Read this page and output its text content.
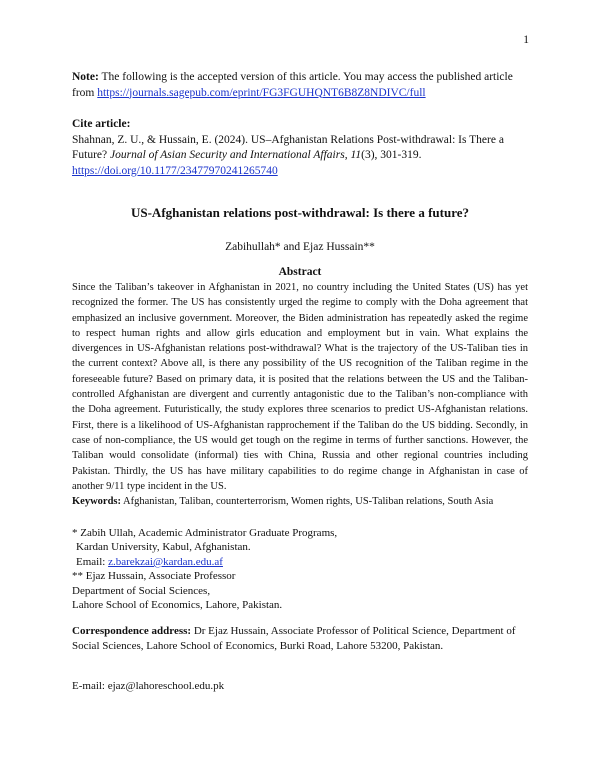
1

Note: The following is the accepted version of this article. You may access the published article from https://journals.sagepub.com/eprint/FG3FGUHQNT6B8Z8NDIVC/full

Cite article:

Shahnan, Z. U., & Hussain, E. (2024). US–Afghanistan Relations Post-withdrawal: Is There a Future? Journal of Asian Security and International Affairs, 11(3), 301-319.

https://doi.org/10.1177/23477970241265740

US-Afghanistan relations post-withdrawal: Is there a future?
Zabihullah* and Ejaz Hussain**
Abstract

Since the Taliban’s takeover in Afghanistan in 2021, no country including the United States (US) has yet recognized the former. The US has consistently urged the regime to comply with the Doha agreement that emphasized an inclusive government. Moreover, the Biden administration has repeatedly asked the regime to respect human rights and allow girls education and employment but in vain. What explains the divergences in US-Afghanistan relations post-withdrawal? What is the trajectory of the US-Taliban ties in the current context? Above all, is there any possibility of the US recognition of the Taliban regime in the foreseeable future? Based on primary data, it is posited that the relations between the US and the Taliban-controlled Afghanistan are divergent and currently antagonistic due to the Taliban’s non-compliance with the Doha agreement. Futuristically, the study explores three scenarios to predict US-Afghanistan relations. First, there is a likelihood of US-Afghanistan rapprochement if the Taliban do the US bidding. Secondly, in case of non-compliance, the US would get tough on the regime in terms of further sanctions. However, the Taliban would consolidate (informal) ties with China, Russia and other regional countries including Pakistan. Thirdly, the US has have military capabilities to do regime change in Afghanistan in case of another 9/11 type incident in the US.

Keywords: Afghanistan, Taliban, counterterrorism, Women rights, US-Taliban relations, South Asia

* Zabih Ullah, Academic Administrator Graduate Programs,

Kardan University, Kabul, Afghanistan.

Email: z.barekzai@kardan.edu.af

** Ejaz Hussain, Associate Professor

Department of Social Sciences,

Lahore School of Economics, Lahore, Pakistan.

Correspondence address: Dr Ejaz Hussain, Associate Professor of Political Science, Department of Social Sciences, Lahore School of Economics, Burki Road, Lahore 53200, Pakistan.

E-mail: ejaz@lahoreschool.edu.pk
